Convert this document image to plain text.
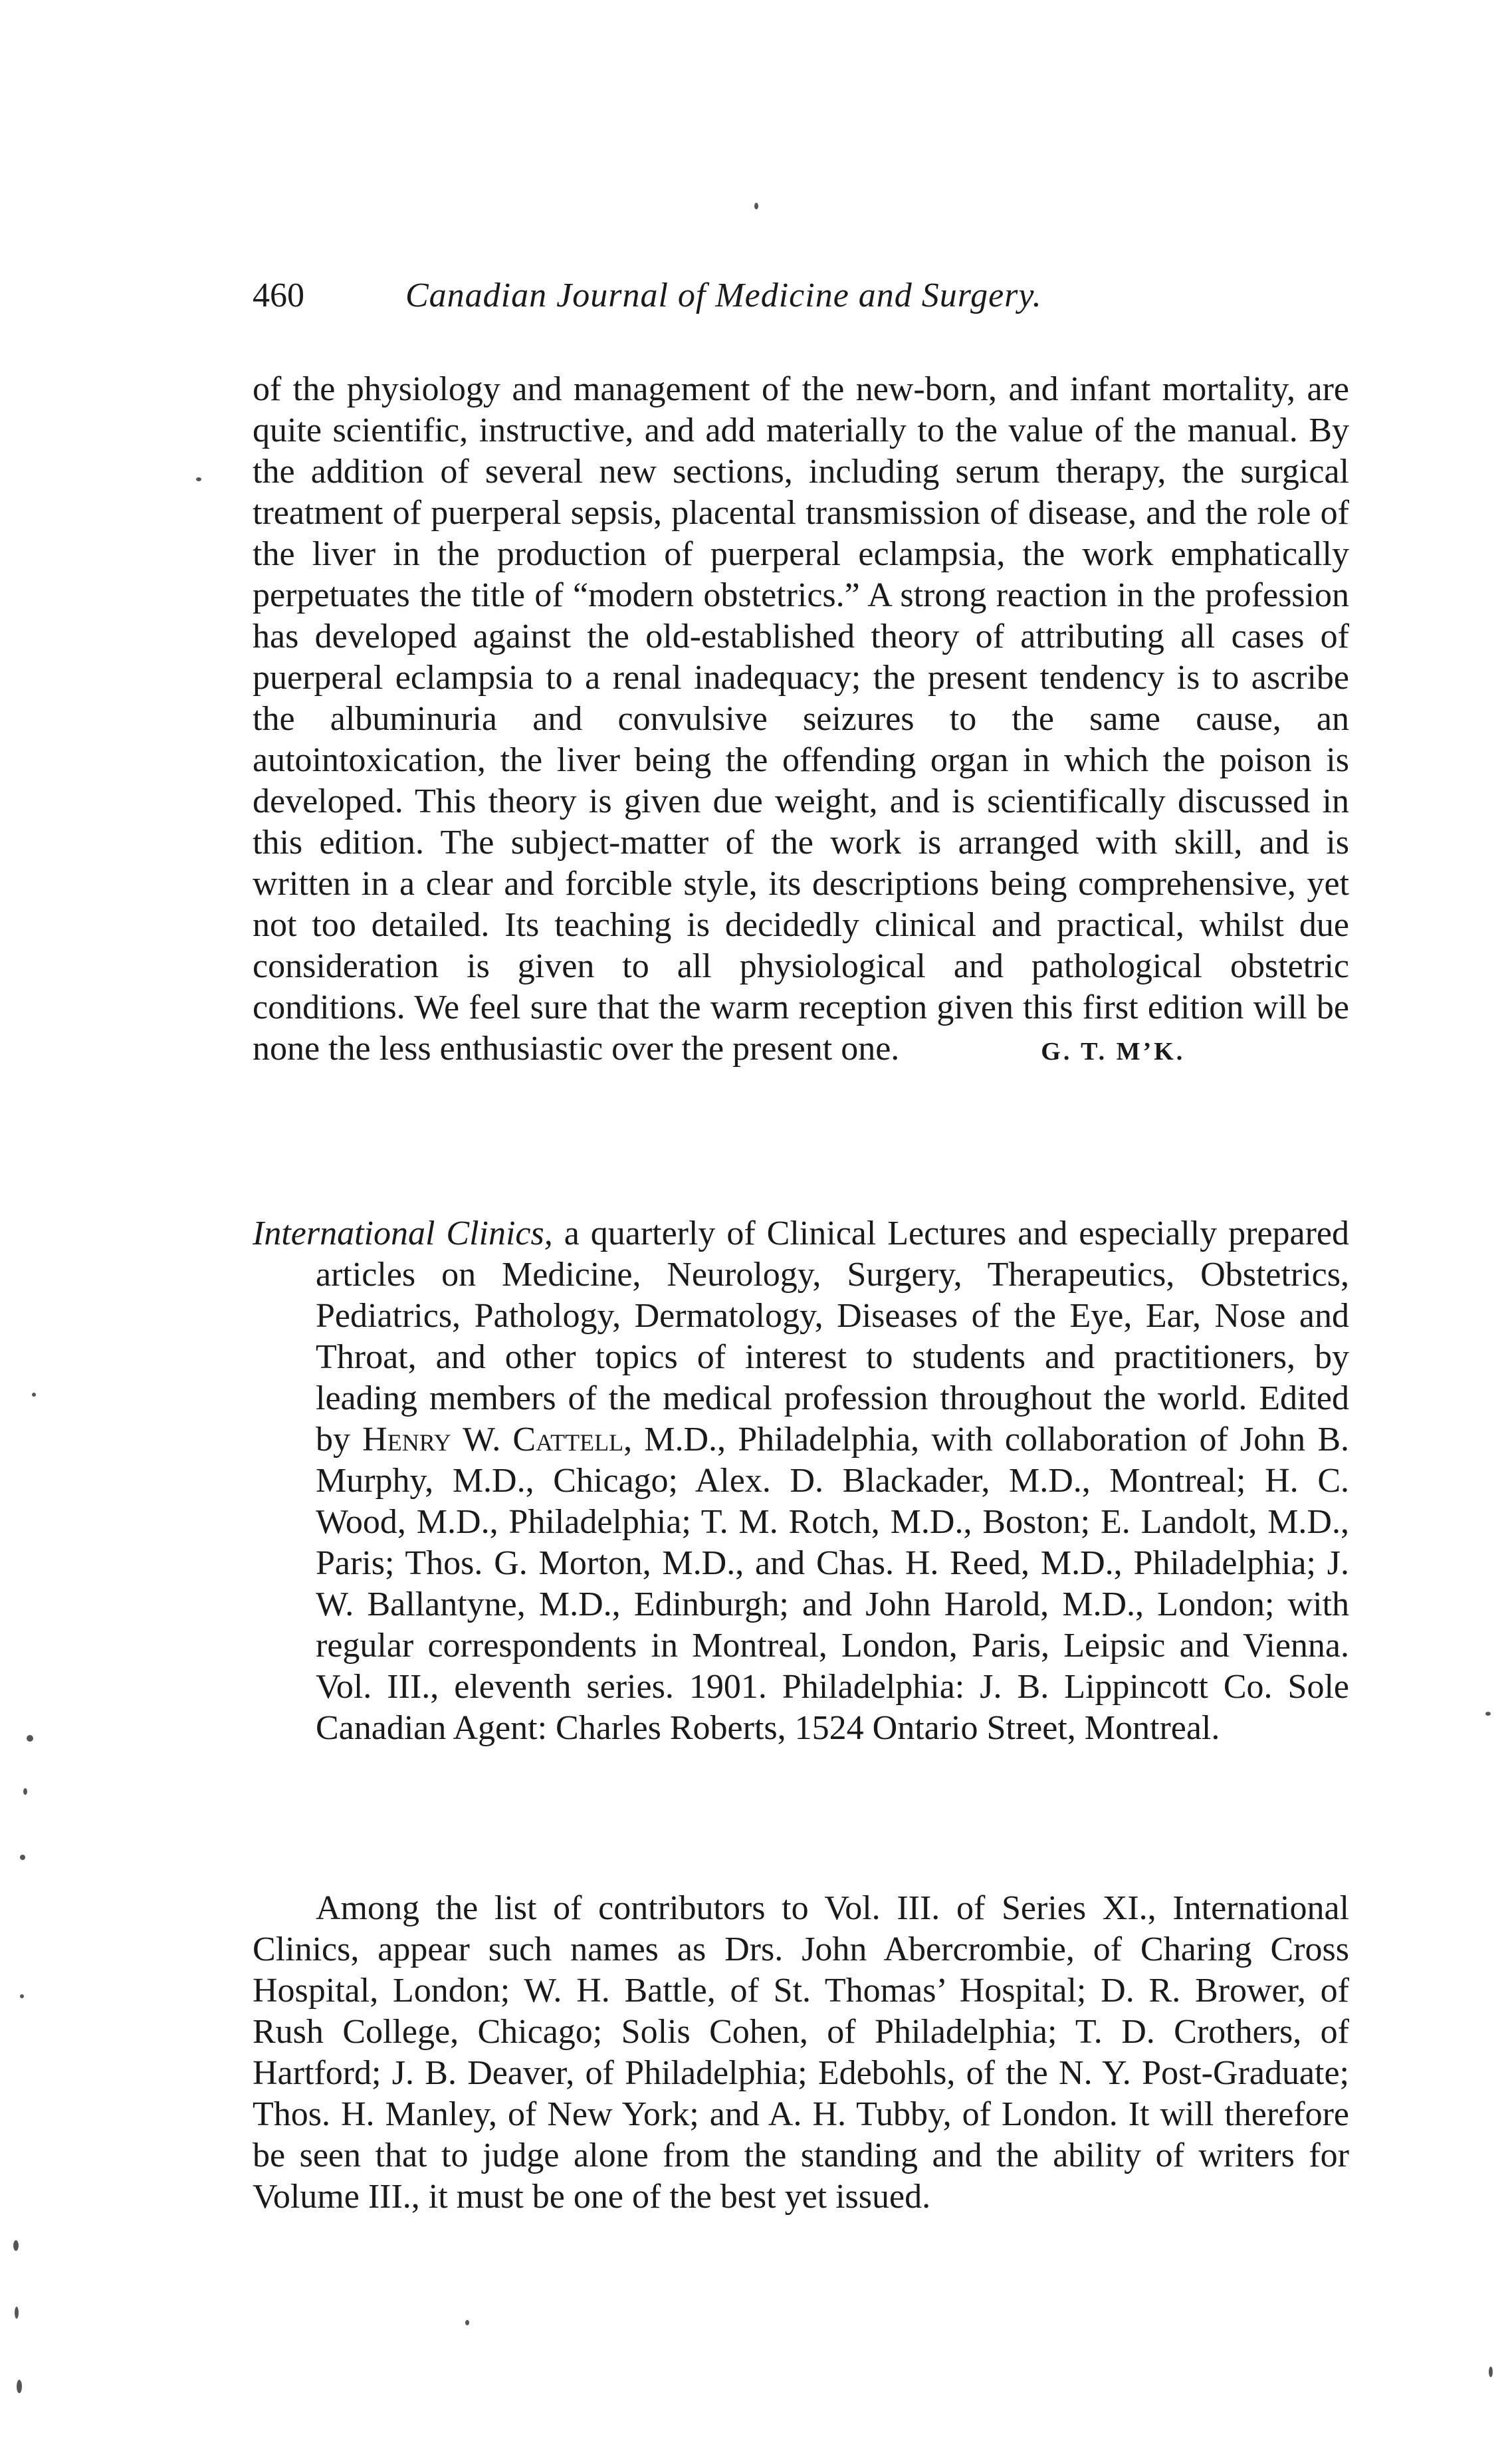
460	Canadian Journal of Medicine and Surgery.

of the physiology and management of the new-born, and infant mortality, are quite scientific, instructive, and add materially to the value of the manual. By the addition of several new sections, including serum therapy, the surgical treatment of puerperal sepsis, placental transmission of disease, and the role of the liver in the production of puerperal eclampsia, the work emphatically perpetuates the title of “modern obstetrics.” A strong reaction in the profession has developed against the old-established theory of attributing all cases of puerperal eclampsia to a renal inadequacy; the present tendency is to ascribe the albuminuria and convulsive seizures to the same cause, an autointoxication, the liver being the offending organ in which the poison is developed. This theory is given due weight, and is scientifically discussed in this edition. The subject-matter of the work is arranged with skill, and is written in a clear and forcible style, its descriptions being comprehensive, yet not too detailed. Its teaching is decidedly clinical and practical, whilst due consideration is given to all physiological and pathological obstetric conditions. We feel sure that the warm reception given this first edition will be none the less enthusiastic over the present one.	G. T. M’K.

International Clinics, a quarterly of Clinical Lectures and especially prepared articles on Medicine, Neurology, Surgery, Therapeutics, Obstetrics, Pediatrics, Pathology, Dermatology, Diseases of the Eye, Ear, Nose and Throat, and other topics of interest to students and practitioners, by leading members of the medical profession throughout the world. Edited by Henry W. Cattell, M.D., Philadelphia, with collaboration of John B. Murphy, M.D., Chicago; Alex. D. Blackader, M.D., Montreal; H. C. Wood, M.D., Philadelphia; T. M. Rotch, M.D., Boston; E. Landolt, M.D., Paris; Thos. G. Morton, M.D., and Chas. H. Reed, M.D., Philadelphia; J. W. Ballantyne, M.D., Edinburgh; and John Harold, M.D., London; with regular correspondents in Montreal, London, Paris, Leipsic and Vienna. Vol. III., eleventh series. 1901. Philadelphia: J. B. Lippincott Co. Sole Canadian Agent: Charles Roberts, 1524 Ontario Street, Montreal.

Among the list of contributors to Vol. III. of Series XI., International Clinics, appear such names as Drs. John Abercrombie, of Charing Cross Hospital, London; W. H. Battle, of St. Thomas’ Hospital; D. R. Brower, of Rush College, Chicago; Solis Cohen, of Philadelphia; T. D. Crothers, of Hartford; J. B. Deaver, of Philadelphia; Edebohls, of the N. Y. Post-Graduate; Thos. H. Manley, of New York; and A. H. Tubby, of London. It will therefore be seen that to judge alone from the standing and the ability of writers for Volume III., it must be one of the best yet issued.
